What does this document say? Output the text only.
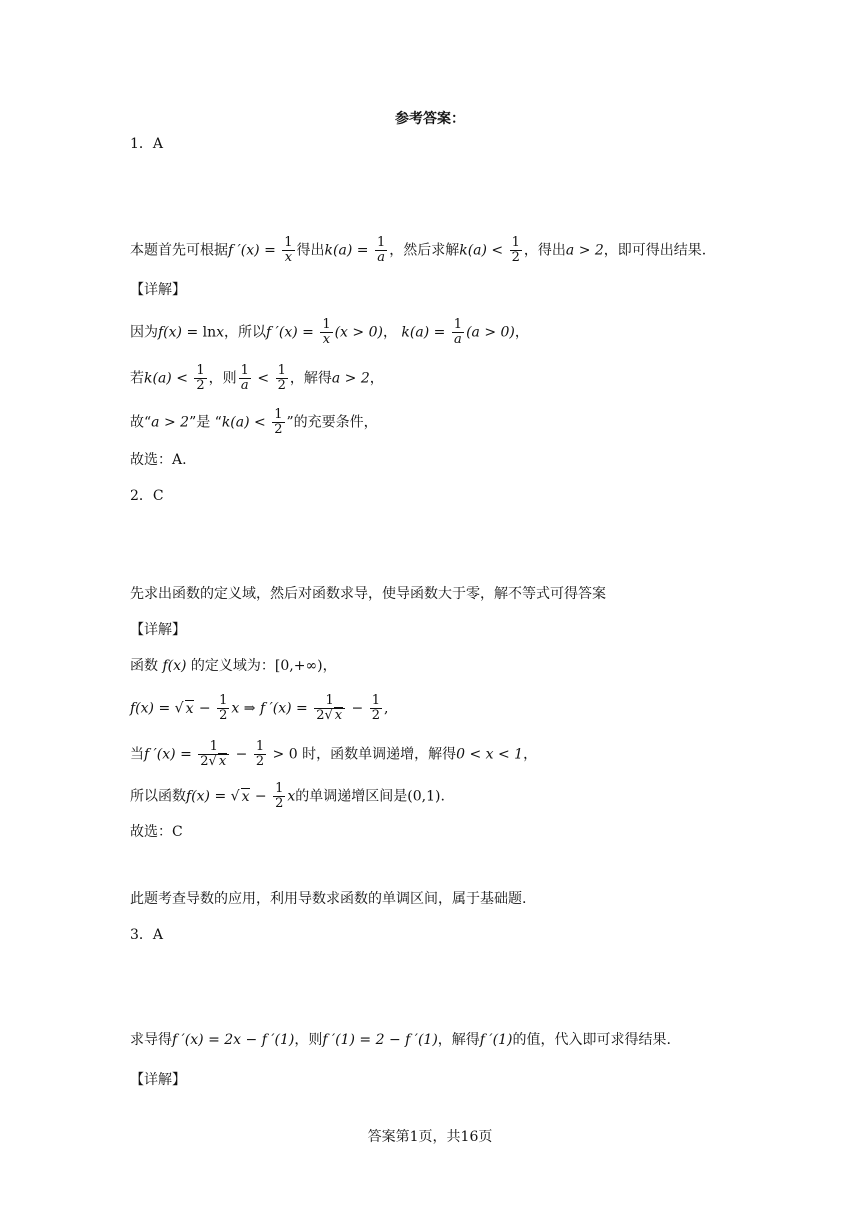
参考答案：
1．A
本题首先可根据f $'(x) = \frac{1}{x}$ 得出$k(a) = \frac{1}{a}$ ，然后求解$k(a) < \frac{1}{2}$ ，得出a > 2，即可得出结果.
【详解】
因为f(x) = lnx，所以f $'(x) = \frac{1}{x} (x > 0)$， $k(a) = \frac{1}{a} (a > 0)$，
若$k(a) < \frac{1}{2}$ ，则 $\frac{1}{a} < \frac{1}{2}$ ，解得a > 2，
故“a > 2”是 “$k(a) < \frac{1}{2}$ ”的充要条件，
故选：A.
2．C
先求出函数的定义域，然后对函数求导，使导函数大于零，解不等式可得答案
【详解】
函数 f(x) 的定义域为：[0,+∞)，
f(x) = √ $x - \frac{1}{2}$ x ⇒ f $'(x) = \frac{1}{2√ x} - \frac{1}{2}$ ,
当f $'(x) = \frac{1}{2√ x} - \frac{1}{2} > 0$ 时，函数单调递增，解得0 < x < 1，
所以函数f(x) = √ $x - \frac{1}{2}$ x的单调递增区间是(0,1).
故选：C
此题考查导数的应用，利用导数求函数的单调区间，属于基础题.
3．A
求导得f ′(x) = 2x − f ′(1)，则f ′(1) = 2 − f ′(1)，解得f ′(1)的值，代入即可求得结果.
【详解】
答案第1页，共16页
